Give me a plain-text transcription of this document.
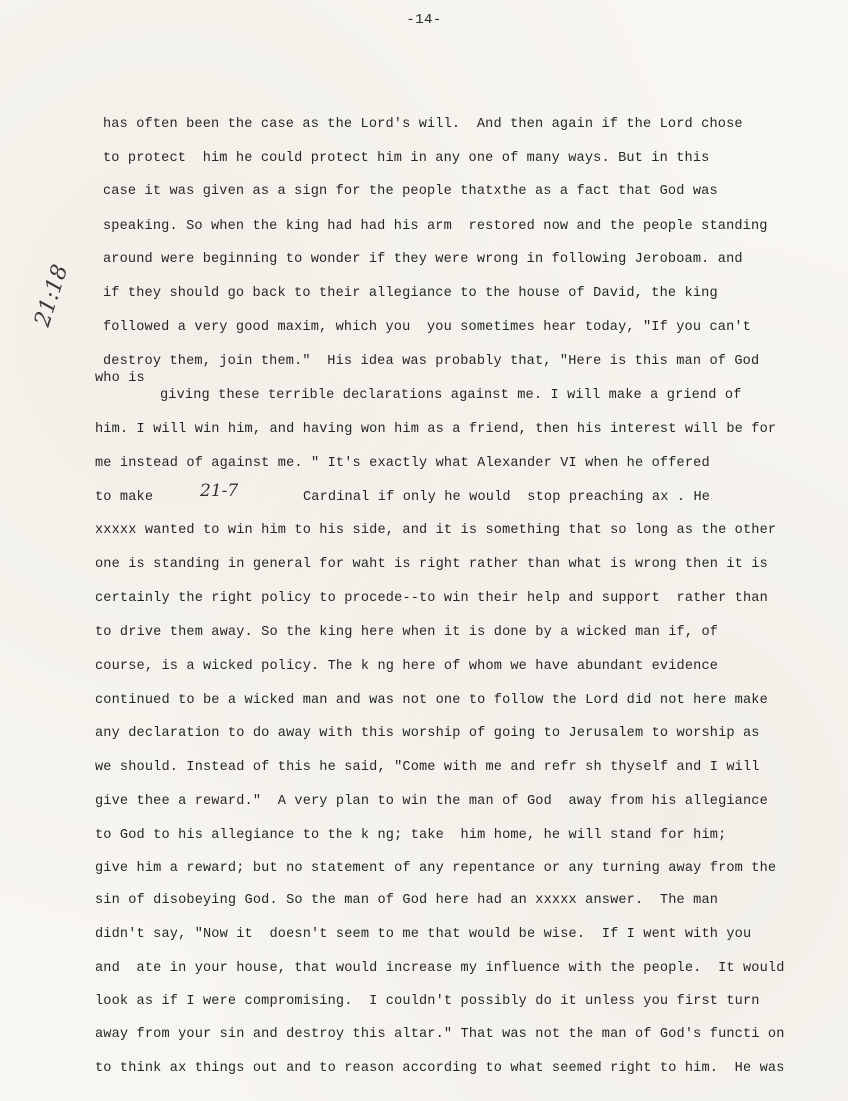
-14-
21:18
21-7
has often been the case as the Lord's will.  And then again if the Lord chose
to protect  him he could protect him in any one of many ways. But in this
case it was given as a sign for the people thatxthe as a fact that God was
speaking. So when the king had had his arm  restored now and the people standing
around were beginning to wonder if they were wrong in following Jeroboam. and
if they should go back to their allegiance to the house of David, the king
followed a very good maxim, which you  you sometimes hear today, "If you can't
destroy them, join them."  His idea was probably that, "Here is this man of God
who is
giving these terrible declarations against me. I will make a griend of
him. I will win him, and having won him as a friend, then his interest will be for
me instead of against me. " It's exactly what Alexander VI when he offered
to make	Cardinal if only he would  stop preaching ax . He
xxxxx wanted to win him to his side, and it is something that so long as the other
one is standing in general for waht is right rather than what is wrong then it is
certainly the right policy to procede--to win their help and support  rather than
to drive them away. So the king here when it is done by a wicked man if, of
course, is a wicked policy. The k ng here of whom we have abundant evidence
continued to be a wicked man and was not one to follow the Lord did not here make
any declaration to do away with this worship of going to Jerusalem to worship as
we should. Instead of this he said, "Come with me and refr sh thyself and I will
give thee a reward."  A very plan to win the man of God  away from his allegiance
to God to his allegiance to the k ng; take  him home, he will stand for him;
give him a reward; but no statement of any repentance or any turning away from the
sin of disobeying God. So the man of God here had an xxxxx answer.  The man
didn't say, "Now it  doesn't seem to me that would be wise.  If I went with you
and  ate in your house, that would increase my influence with the people.  It would
look as if I were compromising.  I couldn't possibly do it unless you first turn
away from your sin and destroy this altar." That was not the man of God's functi on
to think ax things out and to reason according to what seemed right to him.  He was
